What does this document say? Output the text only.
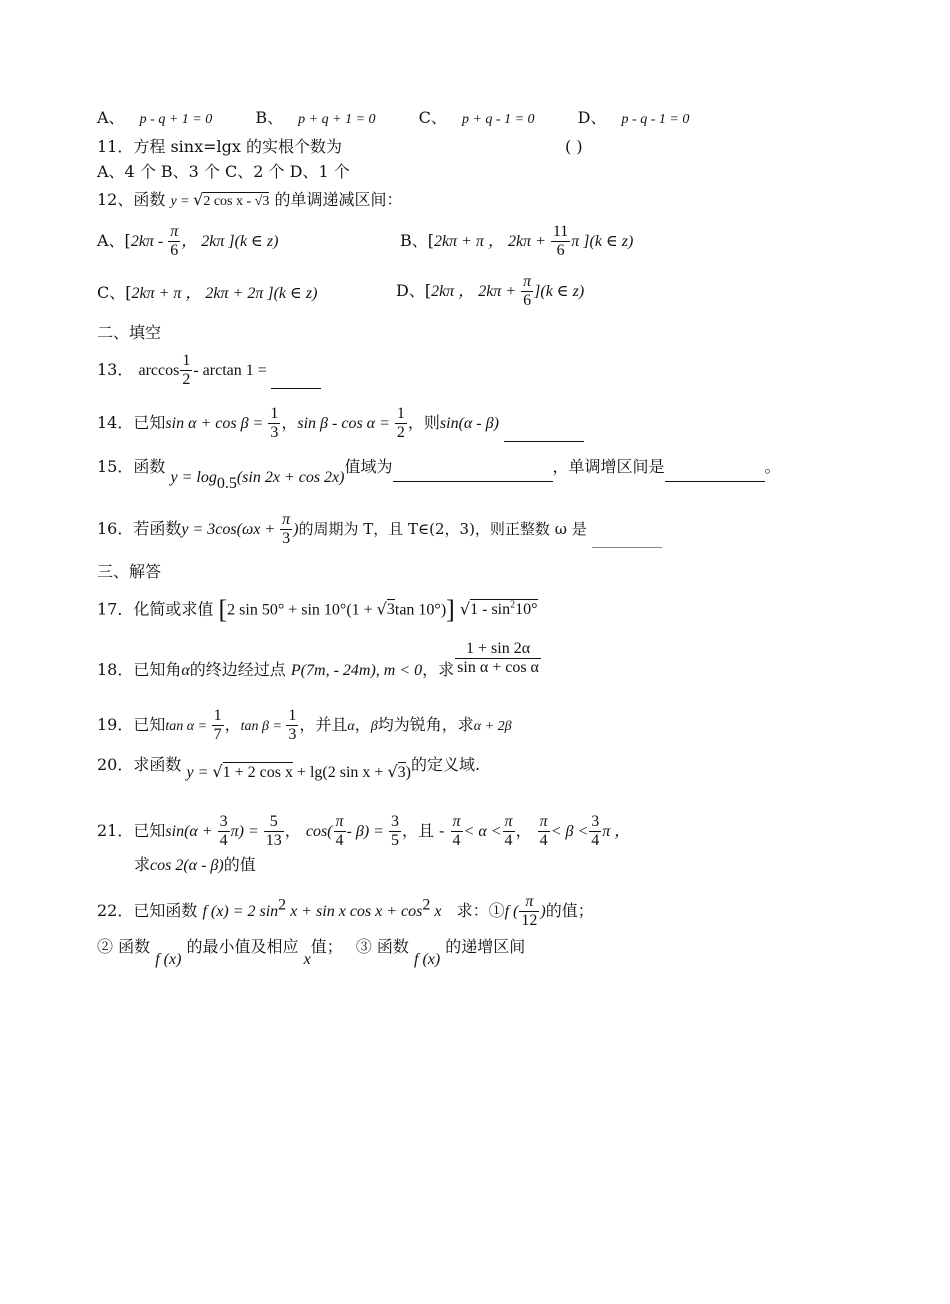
A、 p - q + 1 = 0	B、 p + q + 1 = 0	C、 p + q - 1 = 0	D、 p - q - 1 = 0
11．方程 sinx=lgx 的实根个数为	( )
A、4 个 B、3 个 C、2 个 D、1 个
12、函数 y = √2 cos x - √3 的单调递减区间：
A、[$2k\pi - \frac{\pi}{6}$ ， 2kπ ](k ∈ z)	B、[2kπ + π ， $2k\pi + \frac{11}{6}$ π ](k ∈ z)
C、[2kπ + π ， 2kπ + 2π ](k ∈ z)	D、[2kπ ， $2k\pi + \frac{\pi}{6} ](k$ ∈ z)
二、填空
13． $\arccos \frac{1}{2}$ - arctan 1 =
14．已知$\sin \alpha + \cos \beta = \frac{1}{3}$ ，$\sin \beta - \cos \alpha = \frac{1}{2}$ ，则sin(α - β)
15．函数 $y = \log_{0.5}(\sin$ 2x + cos 2x)值域为	，单调增区间是	。
16．若函数$y = 3\cos(\omega x + \frac{\pi}{3}$ )的周期为 T，且 T∈(2，3)，则正整数 ω 是
三、解答
17．化简或求值 [2 sin 50° + sin 10°(1 + √3tan 10°)] $√1 - \sin^210^\circ$
18．已知角α的终边经过点 P(7m, - 24m), m < 0，求 $\frac{1 + \sin 2\alpha}{\text{sin α + cos α}}$
19．已知$\tan \alpha = \frac{1}{7}$ ，$\tan \beta = \frac{1}{3}$ ，并且α，β均为锐角，求α + 2β
20．求函数 y = √1 + 2 cos x + lg(2 sin x + √3)的定义域.
21．已知$\sin(\alpha + \frac{3}{4} \pi) = \frac{5}{13}$ ， $\cos( \frac{\pi}{4} - \beta) = \frac{3}{5}$ ，且 - $\frac{\pi}{4} < \alpha < \frac{\pi}{4}$ ， $\frac{\pi}{4} < \beta < \frac{3}{4}$ π ，
求cos 2(α - β)的值
22．已知函数 f (x) = 2 $\sin^2 x + \sin x$ $\cos x + \cos^2 x$ 求：①f ( $\frac{\pi}{12}$ )的值；
② 函数 f (x) 的最小值及相应 x值； ③ 函数 f (x) 的递增区间
